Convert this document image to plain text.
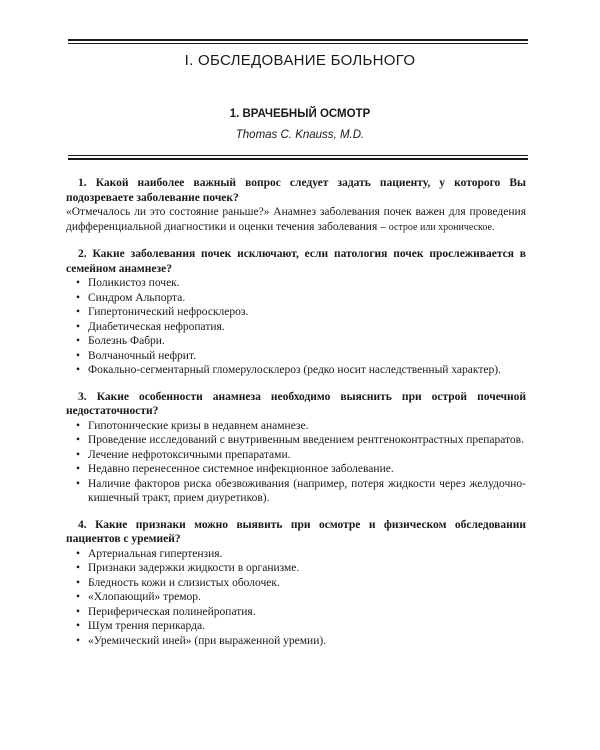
I. ОБСЛЕДОВАНИЕ БОЛЬНОГО
1. ВРАЧЕБНЫЙ ОСМОТР
Thomas C. Knauss, M.D.
1. Какой наиболее важный вопрос следует задать пациенту, у которого Вы подозреваете заболевание почек?
«Отмечалось ли это состояние раньше?» Анамнез заболевания почек важен для проведения дифференциальной диагностики и оценки течения заболевания – острое или хроническое.
2. Какие заболевания почек исключают, если патология почек прослеживается в семейном анамнезе?
• Поликистоз почек.
• Синдром Альпорта.
• Гипертонический нефросклероз.
• Диабетическая нефропатия.
• Болезнь Фабри.
• Волчаночный нефрит.
• Фокально-сегментарный гломерулосклероз (редко носит наследственный характер).
3. Какие особенности анамнеза необходимо выяснить при острой почечной недостаточности?
• Гипотонические кризы в недавнем анамнезе.
• Проведение исследований с внутривенным введением рентгеноконтрастных препаратов.
• Лечение нефротоксичными препаратами.
• Недавно перенесенное системное инфекционное заболевание.
• Наличие факторов риска обезвоживания (например, потеря жидкости через желудочно-кишечный тракт, прием диуретиков).
4. Какие признаки можно выявить при осмотре и физическом обследовании пациентов с уремией?
• Артериальная гипертензия.
• Признаки задержки жидкости в организме.
• Бледность кожи и слизистых оболочек.
• «Хлопающий» тремор.
• Периферическая полинейропатия.
• Шум трения перикарда.
• «Уремический иней» (при выраженной уремии).
